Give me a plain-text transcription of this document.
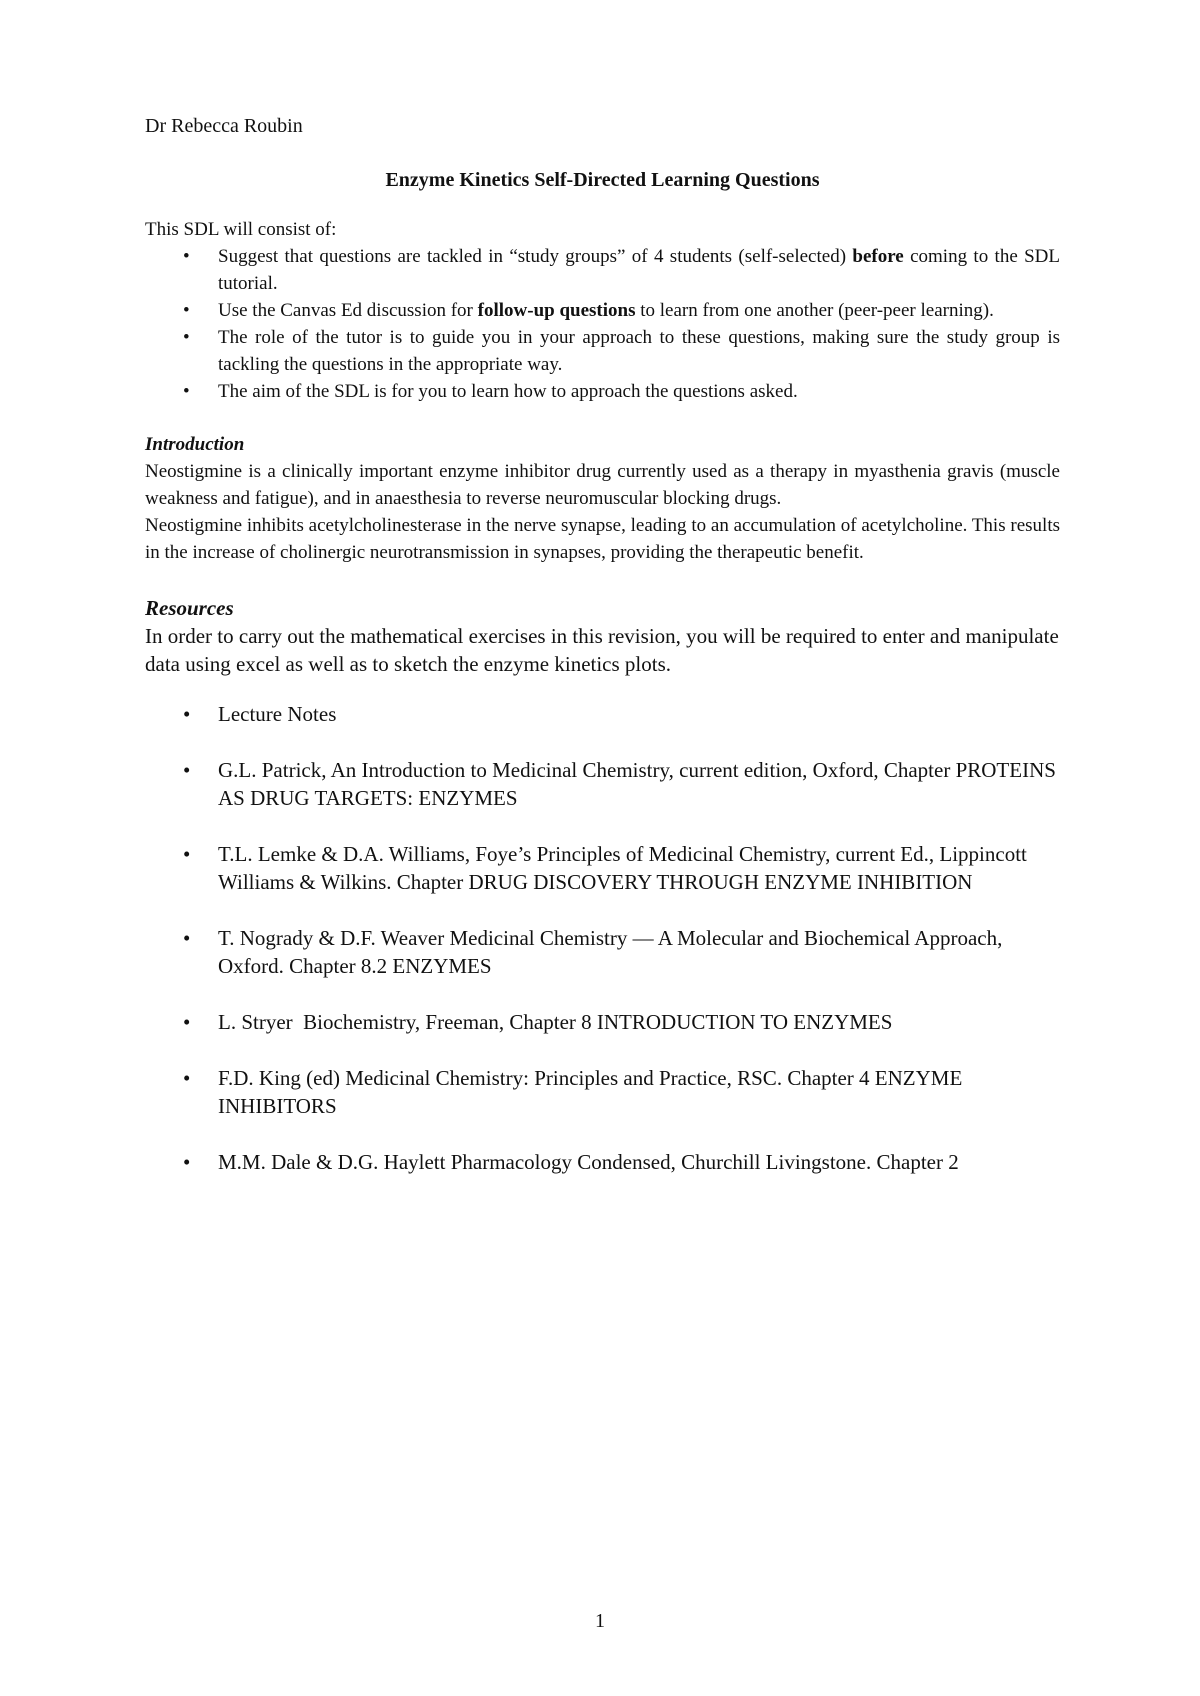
Dr Rebecca Roubin

Enzyme Kinetics Self-Directed Learning Questions

This SDL will consist of:

• Suggest that questions are tackled in “study groups” of 4 students (self-selected) before coming to the SDL tutorial.
• Use the Canvas Ed discussion for follow-up questions to learn from one another (peer-peer learning).
• The role of the tutor is to guide you in your approach to these questions, making sure the study group is tackling the questions in the appropriate way.
• The aim of the SDL is for you to learn how to approach the questions asked.
Introduction

Neostigmine is a clinically important enzyme inhibitor drug currently used as a therapy in myasthenia gravis (muscle weakness and fatigue), and in anaesthesia to reverse neuromuscular blocking drugs.

Neostigmine inhibits acetylcholinesterase in the nerve synapse, leading to an accumulation of acetylcholine. This results in the increase of cholinergic neurotransmission in synapses, providing the therapeutic benefit.

Resources

In order to carry out the mathematical exercises in this revision, you will be required to enter and manipulate data using excel as well as to sketch the enzyme kinetics plots.

• Lecture Notes
• G.L. Patrick, An Introduction to Medicinal Chemistry, current edition, Oxford, Chapter PROTEINS AS DRUG TARGETS: ENZYMES
• T.L. Lemke & D.A. Williams, Foye’s Principles of Medicinal Chemistry, current Ed., Lippincott Williams & Wilkins. Chapter DRUG DISCOVERY THROUGH ENZYME INHIBITION
• T. Nogrady & D.F. Weaver Medicinal Chemistry — A Molecular and Biochemical Approach, Oxford. Chapter 8.2 ENZYMES
• L. Stryer  Biochemistry, Freeman, Chapter 8 INTRODUCTION TO ENZYMES
• F.D. King (ed) Medicinal Chemistry: Principles and Practice, RSC. Chapter 4 ENZYME INHIBITORS
• M.M. Dale & D.G. Haylett Pharmacology Condensed, Churchill Livingstone. Chapter 2
1
